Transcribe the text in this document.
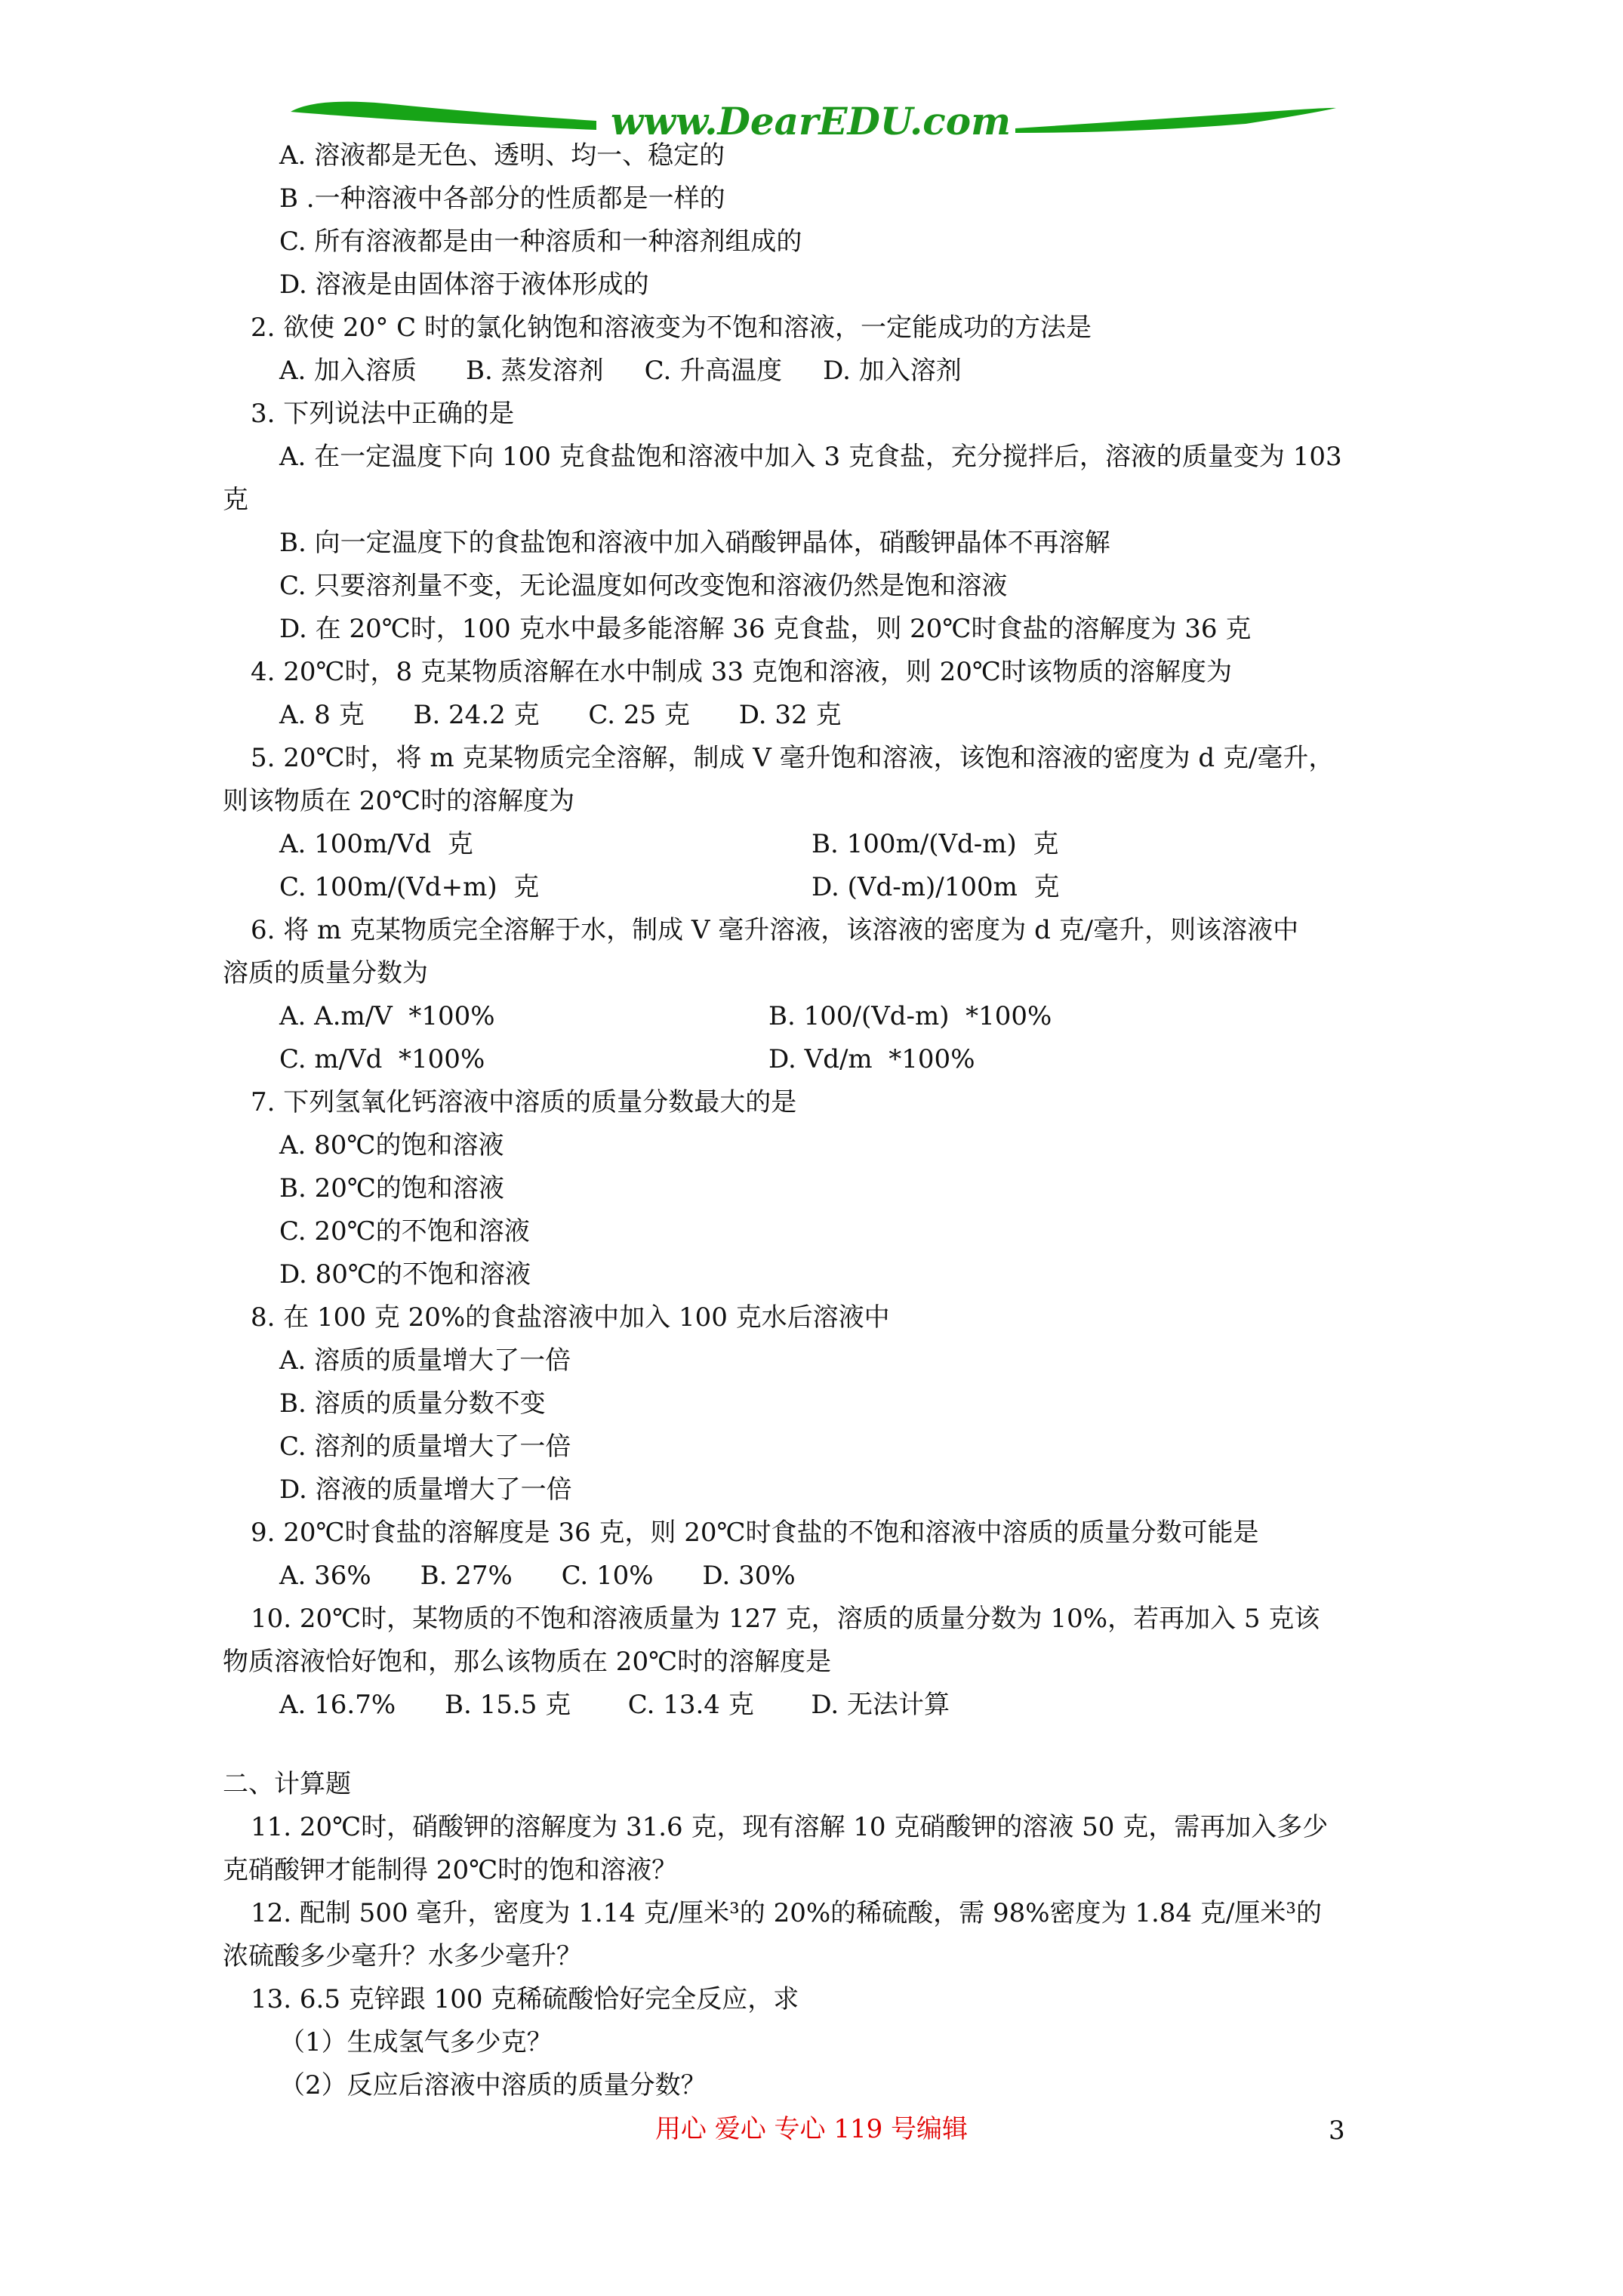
www.DearEDU.com
A. 溶液都是无色、透明、均一、稳定的
B .一种溶液中各部分的性质都是一样的
C. 所有溶液都是由一种溶质和一种溶剂组成的
D. 溶液是由固体溶于液体形成的
2. 欲使 20° C 时的氯化钠饱和溶液变为不饱和溶液，一定能成功的方法是
A. 加入溶质      B. 蒸发溶剂     C. 升高温度     D. 加入溶剂
3. 下列说法中正确的是
A. 在一定温度下向 100 克食盐饱和溶液中加入 3 克食盐，充分搅拌后，溶液的质量变为 103
克
B. 向一定温度下的食盐饱和溶液中加入硝酸钾晶体，硝酸钾晶体不再溶解
C. 只要溶剂量不变，无论温度如何改变饱和溶液仍然是饱和溶液
D. 在 20℃时，100 克水中最多能溶解 36 克食盐，则 20℃时食盐的溶解度为 36 克
4. 20℃时，8 克某物质溶解在水中制成 33 克饱和溶液，则 20℃时该物质的溶解度为
A. 8 克      B. 24.2 克      C. 25 克      D. 32 克
5. 20℃时，将 m 克某物质完全溶解，制成 V 毫升饱和溶液，该饱和溶液的密度为 d 克/毫升，
则该物质在 20℃时的溶解度为
A. 100m/Vd  克	B. 100m/(Vd-m)  克
C. 100m/(Vd+m)  克	D. (Vd-m)/100m  克
6. 将 m 克某物质完全溶解于水，制成 V 毫升溶液，该溶液的密度为 d 克/毫升，则该溶液中
溶质的质量分数为
A. A.m/V  *100%	B. 100/(Vd-m)  *100%
C. m/Vd  *100%	D. Vd/m  *100%
7. 下列氢氧化钙溶液中溶质的质量分数最大的是
A. 80℃的饱和溶液
B. 20℃的饱和溶液
C. 20℃的不饱和溶液
D. 80℃的不饱和溶液
8. 在 100 克 20%的食盐溶液中加入 100 克水后溶液中
A. 溶质的质量增大了一倍
B. 溶质的质量分数不变
C. 溶剂的质量增大了一倍
D. 溶液的质量增大了一倍
9. 20℃时食盐的溶解度是 36 克，则 20℃时食盐的不饱和溶液中溶质的质量分数可能是
A. 36%      B. 27%      C. 10%      D. 30%
10. 20℃时，某物质的不饱和溶液质量为 127 克，溶质的质量分数为 10%，若再加入 5 克该
物质溶液恰好饱和，那么该物质在 20℃时的溶解度是
A. 16.7%      B. 15.5 克       C. 13.4 克       D. 无法计算
二、计算题
11. 20℃时，硝酸钾的溶解度为 31.6 克，现有溶解 10 克硝酸钾的溶液 50 克，需再加入多少
克硝酸钾才能制得 20℃时的饱和溶液？
12. 配制 500 毫升，密度为 1.14 克/厘米³的 20%的稀硫酸，需 98%密度为 1.84 克/厘米³的
浓硫酸多少毫升？水多少毫升？
13. 6.5 克锌跟 100 克稀硫酸恰好完全反应，求
（1）生成氢气多少克？
（2）反应后溶液中溶质的质量分数？
用心 爱心 专心 119 号编辑	3
